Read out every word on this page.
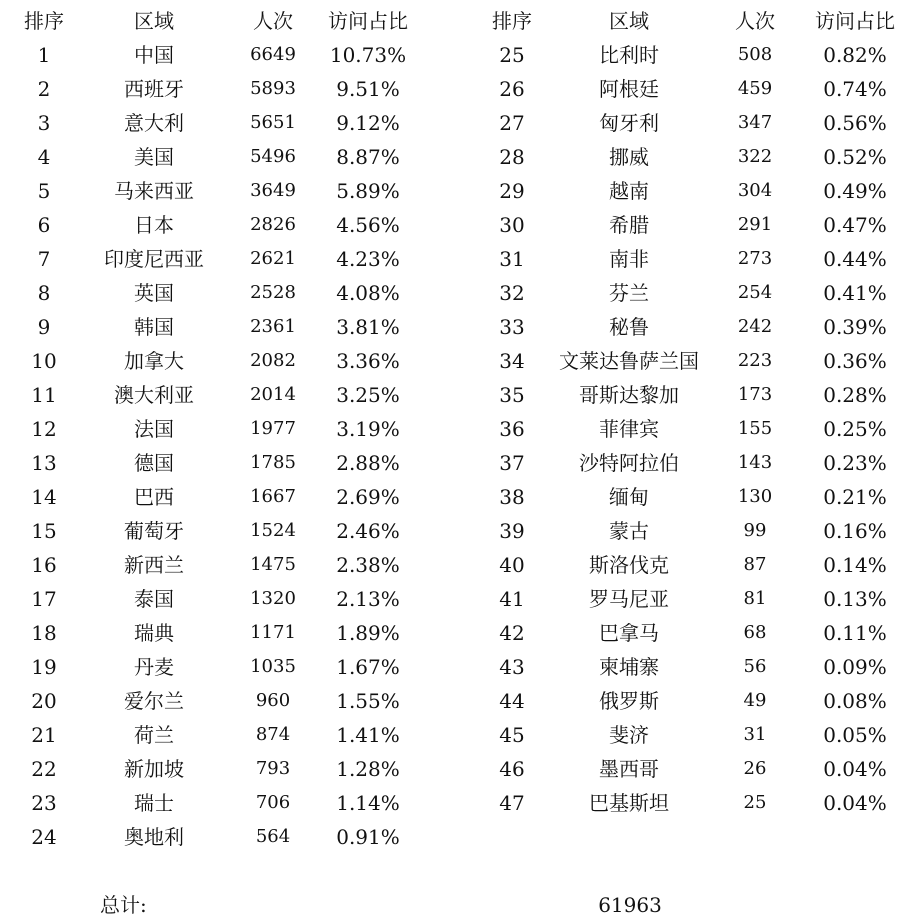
排序	区域	人次	访问占比
1	中国	6649	10.73%
2	西班牙	5893	9.51%
3	意大利	5651	9.12%
4	美国	5496	8.87%
5	马来西亚	3649	5.89%
6	日本	2826	4.56%
7	印度尼西亚	2621	4.23%
8	英国	2528	4.08%
9	韩国	2361	3.81%
10	加拿大	2082	3.36%
11	澳大利亚	2014	3.25%
12	法国	1977	3.19%
13	德国	1785	2.88%
14	巴西	1667	2.69%
15	葡萄牙	1524	2.46%
16	新西兰	1475	2.38%
17	泰国	1320	2.13%
18	瑞典	1171	1.89%
19	丹麦	1035	1.67%
20	爱尔兰	960	1.55%
21	荷兰	874	1.41%
22	新加坡	793	1.28%
23	瑞士	706	1.14%
24	奥地利	564	0.91%
排序	区域	人次	访问占比
25	比利时	508	0.82%
26	阿根廷	459	0.74%
27	匈牙利	347	0.56%
28	挪威	322	0.52%
29	越南	304	0.49%
30	希腊	291	0.47%
31	南非	273	0.44%
32	芬兰	254	0.41%
33	秘鲁	242	0.39%
34	文莱达鲁萨兰国	223	0.36%
35	哥斯达黎加	173	0.28%
36	菲律宾	155	0.25%
37	沙特阿拉伯	143	0.23%
38	缅甸	130	0.21%
39	蒙古	99	0.16%
40	斯洛伐克	87	0.14%
41	罗马尼亚	81	0.13%
42	巴拿马	68	0.11%
43	柬埔寨	56	0.09%
44	俄罗斯	49	0.08%
45	斐济	31	0.05%
46	墨西哥	26	0.04%
47	巴基斯坦	25	0.04%
总计:	61963
